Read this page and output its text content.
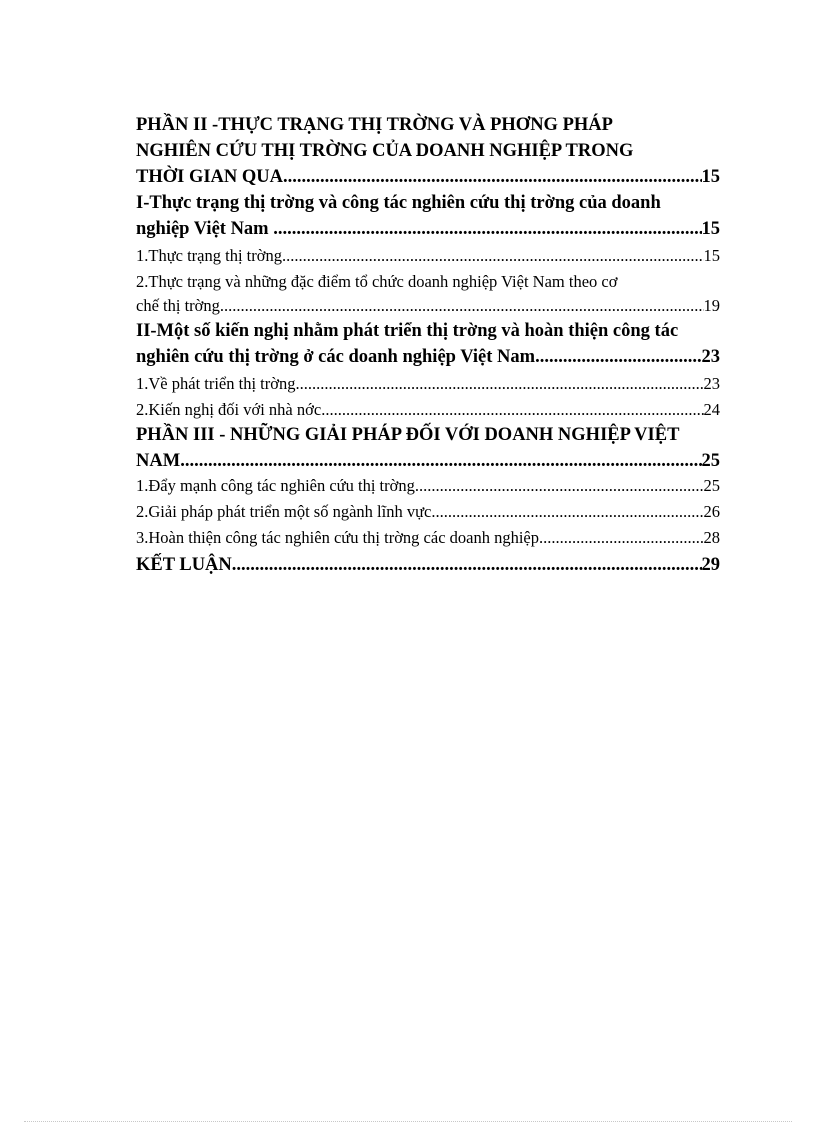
PHẦN II -THỰC TRẠNG THỊ TRỜNG VÀ PHƠNG PHÁP
NGHIÊN CỨU THỊ TRỜNG CỦA DOANH NGHIỆP TRONG
THỜI GIAN QUA .....	15
I-Thực trạng thị trờng và công tác nghiên cứu thị trờng của doanh
nghiệp Việt Nam . .....	15
1.Thực trạng thị trờng .....	15
2.Thực trạng và những đặc điểm tổ chức doanh nghiệp Việt Nam theo cơ
chế thị trờng .....	19
II-Một số kiến nghị nhằm phát triển thị trờng và hoàn thiện công tác
nghiên cứu thị trờng ở các doanh nghiệp Việt Nam .....	23
1.Về phát triển thị trờng .....	23
2.Kiến nghị đối với nhà nớc .....	24
PHẦN III - NHỮNG GIẢI PHÁP ĐỐI VỚI DOANH NGHIỆP VIỆT
NAM .....	25
1.Đẩy mạnh công tác nghiên cứu thị trờng .....	25
2.Giải pháp phát triển một số ngành lĩnh vực .....	26
3.Hoàn thiện công tác nghiên cứu thị trờng các doanh nghiệp .....	28
KẾT LUẬN .....	29
